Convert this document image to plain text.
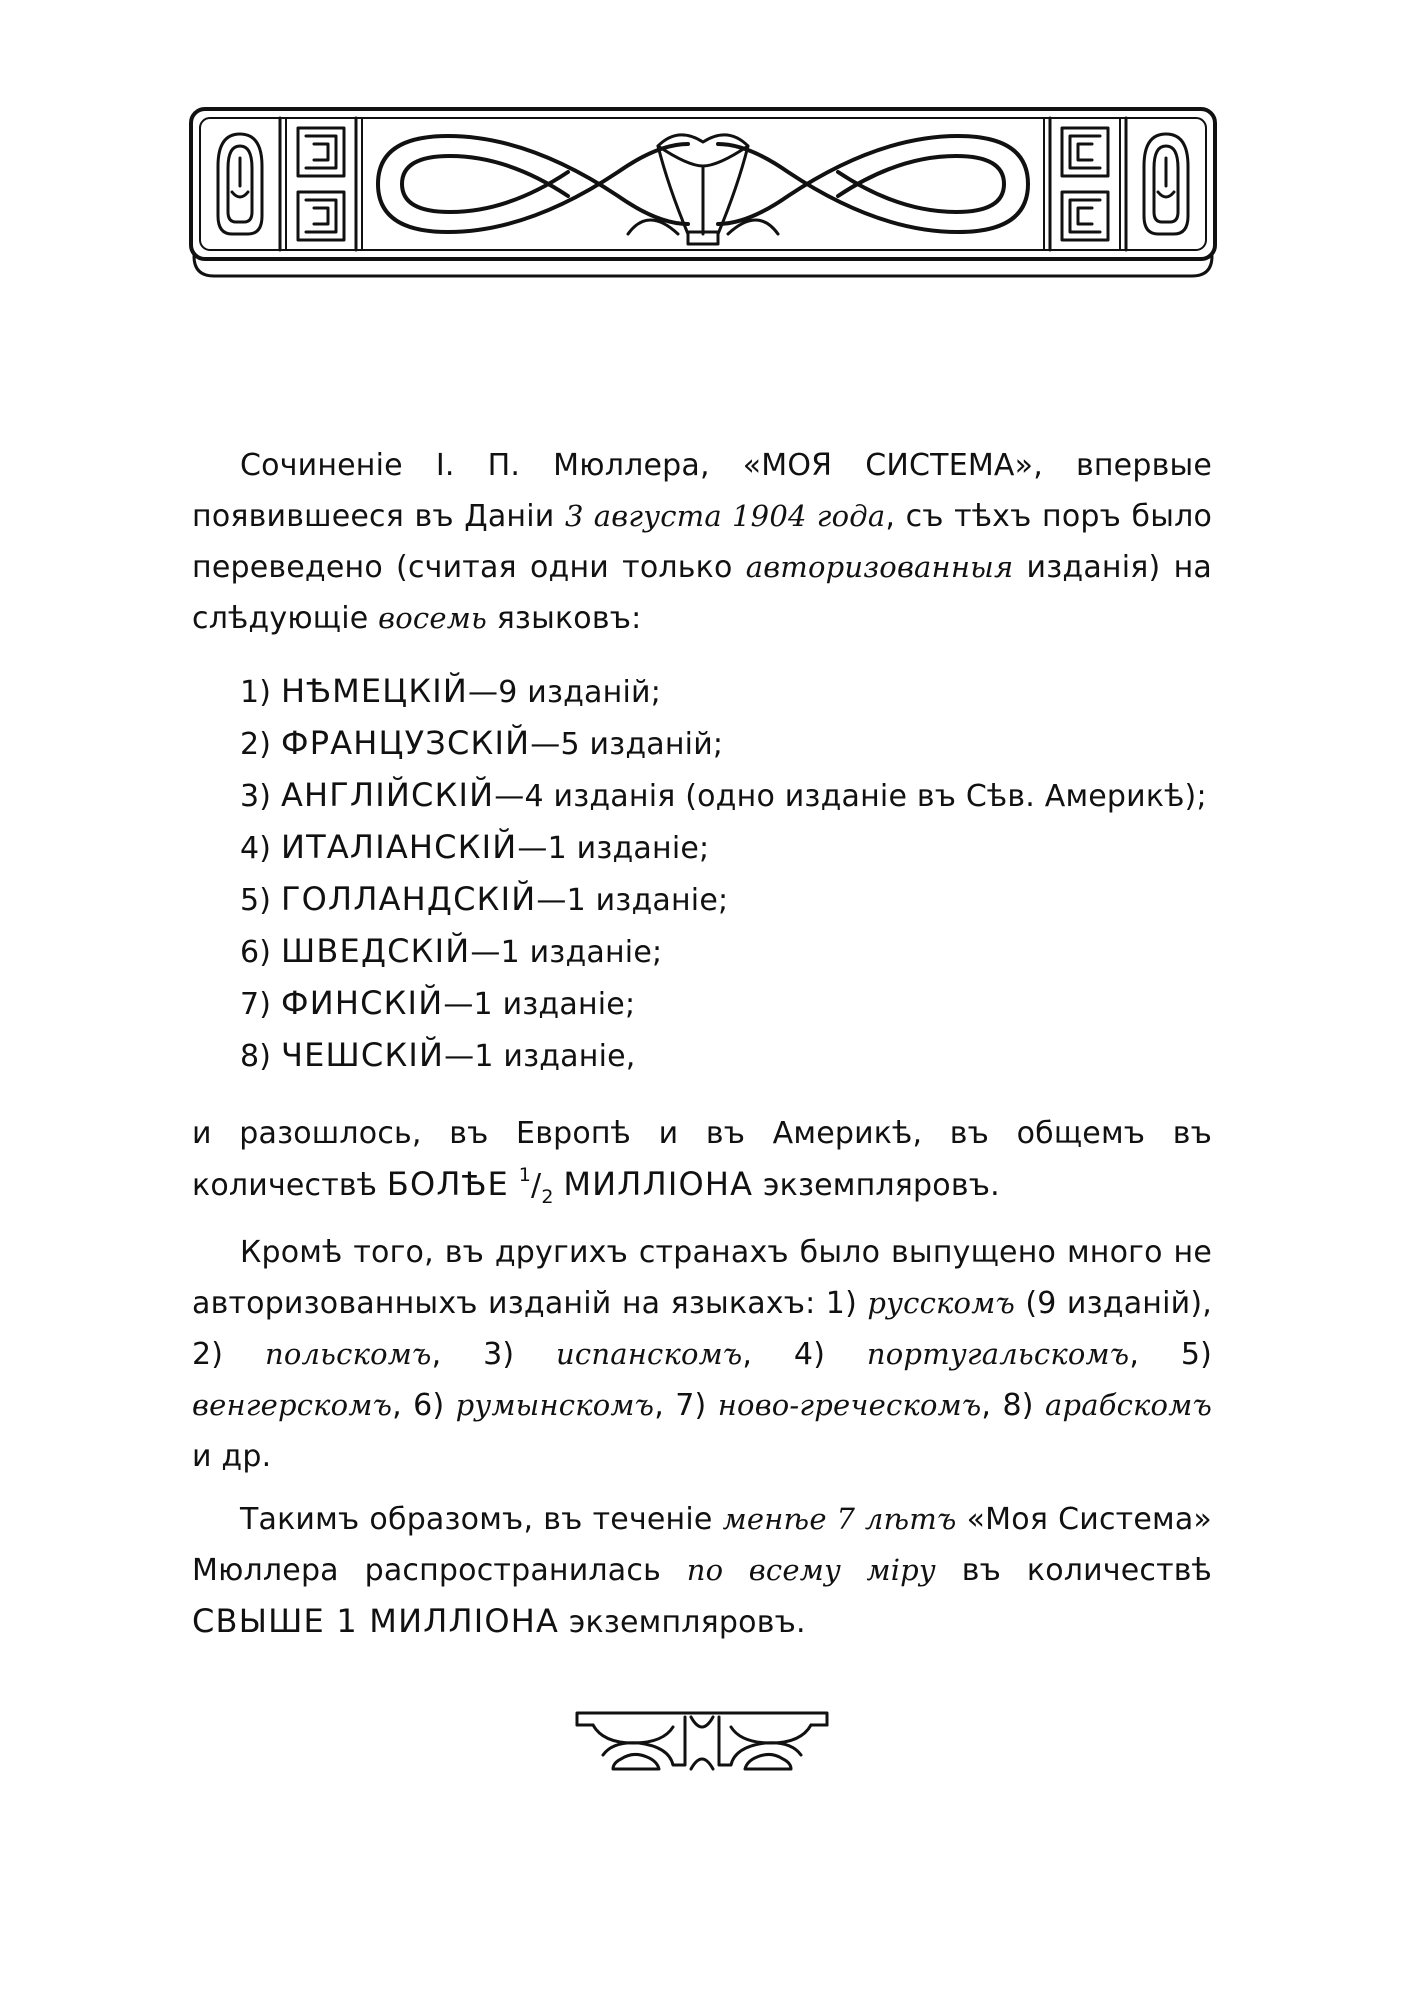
Сочиненіе І. П. Мюллера, «МОЯ СИСТЕМА», впервые появившееся въ Даніи 3 августа 1904 года, съ тѣхъ поръ было переведено (считая одни только авторизованныя изданія) на слѣдующіе восемь языковъ:

1) НѢМЕЦКІЙ—9 изданій;
2) ФРАНЦУЗСКІЙ—5 изданій;
3) АНГЛІЙСКІЙ—4 изданія (одно изданіе въ Сѣв. Америкѣ);
4) ИТАЛІАНСКІЙ—1 изданіе;
5) ГОЛЛАНДСКІЙ—1 изданіе;
6) ШВЕДСКІЙ—1 изданіе;
7) ФИНСКІЙ—1 изданіе;
8) ЧЕШСКІЙ—1 изданіе,

и разошлось, въ Европѣ и въ Америкѣ, въ общемъ въ количествѣ БОЛѢЕ $^1/_2$ МИЛЛІОНА экземпляровъ.

Кромѣ того, въ другихъ странахъ было выпущено много не авторизованныхъ изданій на языкахъ: 1) русскомъ (9 изданій), 2) польскомъ, 3) испанскомъ, 4) португальскомъ, 5) венгерскомъ, 6) румынскомъ, 7) ново-греческомъ, 8) арабскомъ и др.

Такимъ образомъ, въ теченіе менѣе 7 лѣтъ «Моя Система» Мюллера распространилась по всему міру въ количествѣ СВЫШЕ 1 МИЛЛІОНА экземпляровъ.
